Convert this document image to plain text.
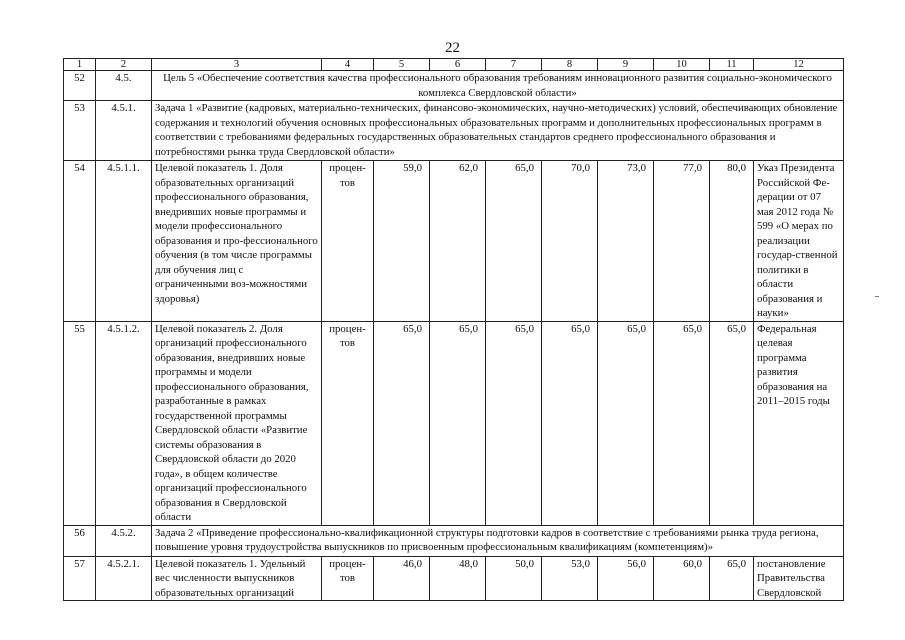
22
1	2	3	4	5	6	7	8	9	10	11	12
52	4.5.	Цель 5 «Обеспечение соответствия качества профессионального образования требованиям инновационного развития социально-экономического комплекса Свердловской области»									
53	4.5.1.	Задача 1 «Развитие (кадровых, материально-технических, финансово-экономических, научно-методических) условий, обеспечивающих обновление содержания и технологий обучения основных профессиональных образовательных программ и дополнительных профессиональных программ в соответствии с требованиями федеральных государственных образовательных стандартов среднего профессионального образования и потребностями рынка труда Свердловской области»									
54	4.5.1.1.	Целевой показатель 1. Доля образовательных организаций профессионального образования, внедривших новые программы и модели профессионального образования и про-фессионального обучения (в том числе программы для обучения лиц с ограниченными воз-можностями здоровья)	процен-тов	59,0	62,0	65,0	70,0	73,0	77,0	80,0	Указ Президента Российской Фе-дерации от 07 мая 2012 года № 599 «О мерах по реализации государ-ственной политики в области образования и науки»
55	4.5.1.2.	Целевой показатель 2. Доля организаций профессионального образования, внедривших новые программы и модели профессионального образования, разработанные в рамках государственной программы Свердловской области «Развитие системы образования в Свердловской области до 2020 года», в общем количестве организаций профессионального образования в Свердловской области	процен-тов	65,0	65,0	65,0	65,0	65,0	65,0	65,0	Федеральная целевая программа развития образования на 2011–2015 годы
56	4.5.2.	Задача 2 «Приведение профессионально-квалификационной структуры подготовки кадров в соответствие с требованиями рынка труда региона, повышение уровня трудоустройства выпускников по присвоенным профессиональным квалификациям (компетенциям)»									
57	4.5.2.1.	Целевой показатель 1. Удельный вес численности выпускников образовательных организаций	процен-тов	46,0	48,0	50,0	53,0	56,0	60,0	65,0	постановление Правительства Свердловской
